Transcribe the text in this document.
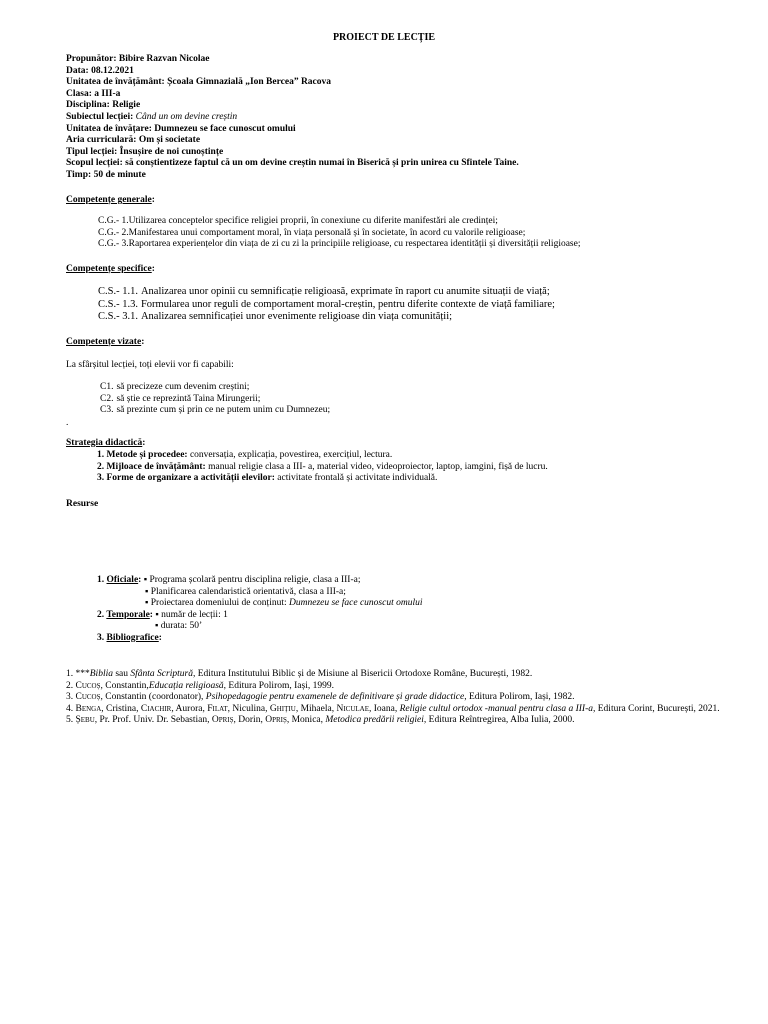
PROIECT DE LECȚIE
Propunător: Bibire Razvan Nicolae
Data: 08.12.2021
Unitatea de învățământ: Școala Gimnazială „Ion Bercea” Racova
Clasa: a III-a
Disciplina: Religie
Subiectul lecției: Când un om devine creștin
Unitatea de învățare: Dumnezeu se face cunoscut omului
Aria curriculară: Om și societate
Tipul lecției: Însușire de noi cunoștințe
Scopul lecției: să conștientizeze faptul că un om devine creștin numai în Biserică și prin unirea cu Sfintele Taine.
Timp: 50 de minute
Competențe generale:
C.G.- 1.Utilizarea conceptelor specifice religiei proprii, în conexiune cu diferite manifestări ale credinței;
C.G.- 2.Manifestarea unui comportament moral, în viața personală și în societate, în acord cu valorile religioase;
C.G.- 3.Raportarea experiențelor din viața de zi cu zi la principiile religioase, cu respectarea identității și diversității religioase;
Competențe specifice:
C.S.- 1.1. Analizarea unor opinii cu semnificație religioasă, exprimate în raport cu anumite situații de viață;
C.S.- 1.3. Formularea unor reguli de comportament moral-creștin, pentru diferite contexte de viață familiare;
C.S.- 3.1. Analizarea semnificației unor evenimente religioase din viața comunității;
Competențe vizate:
La sfârșitul lecției, toți elevii vor fi capabili:
C1. să precizeze cum devenim creștini;
C2. să știe ce reprezintă Taina Mirungerii;
C3. să prezinte cum și prin ce ne putem unim cu Dumnezeu;
.
Strategia didactică:
1. Metode și procedee: conversația, explicația, povestirea, exercițiul, lectura.
2. Mijloace de învățământ: manual religie clasa a III- a, material video, videoproiector, laptop, iamgini, fișă de lucru.
3. Forme de organizare a activității elevilor: activitate frontală și activitate individuală.
Resurse
1. Oficiale: ▪ Programa școlară pentru disciplina religie, clasa a III-a;
▪ Planificarea calendaristică orientativă, clasa a III-a;
▪ Proiectarea domeniului de conținut: Dumnezeu se face cunoscut omului
2. Temporale: ▪ număr de lecții: 1
▪ durata: 50’
3. Bibliografice:
1. ***Biblia sau Sfânta Scriptură, Editura Institutului Biblic și de Misiune al Bisericii Ortodoxe Române, București, 1982.
2. Cucoș, Constantin,Educația religioasă, Editura Polirom, Iași, 1999.
3. Cucoș, Constantin (coordonator), Psihopedagogie pentru examenele de definitivare și grade didactice, Editura Polirom, Iași, 1982.
4. Benga, Cristina, Ciachir, Aurora, Filat, Niculina, Ghițiu, Mihaela, Niculae, Ioana, Religie cultul ortodox -manual pentru clasa a III-a, Editura Corint, București, 2021.
5. Șebu, Pr. Prof. Univ. Dr. Sebastian, Opriș, Dorin, Opriș, Monica, Metodica predării religiei, Editura Reîntregirea, Alba Iulia, 2000.
